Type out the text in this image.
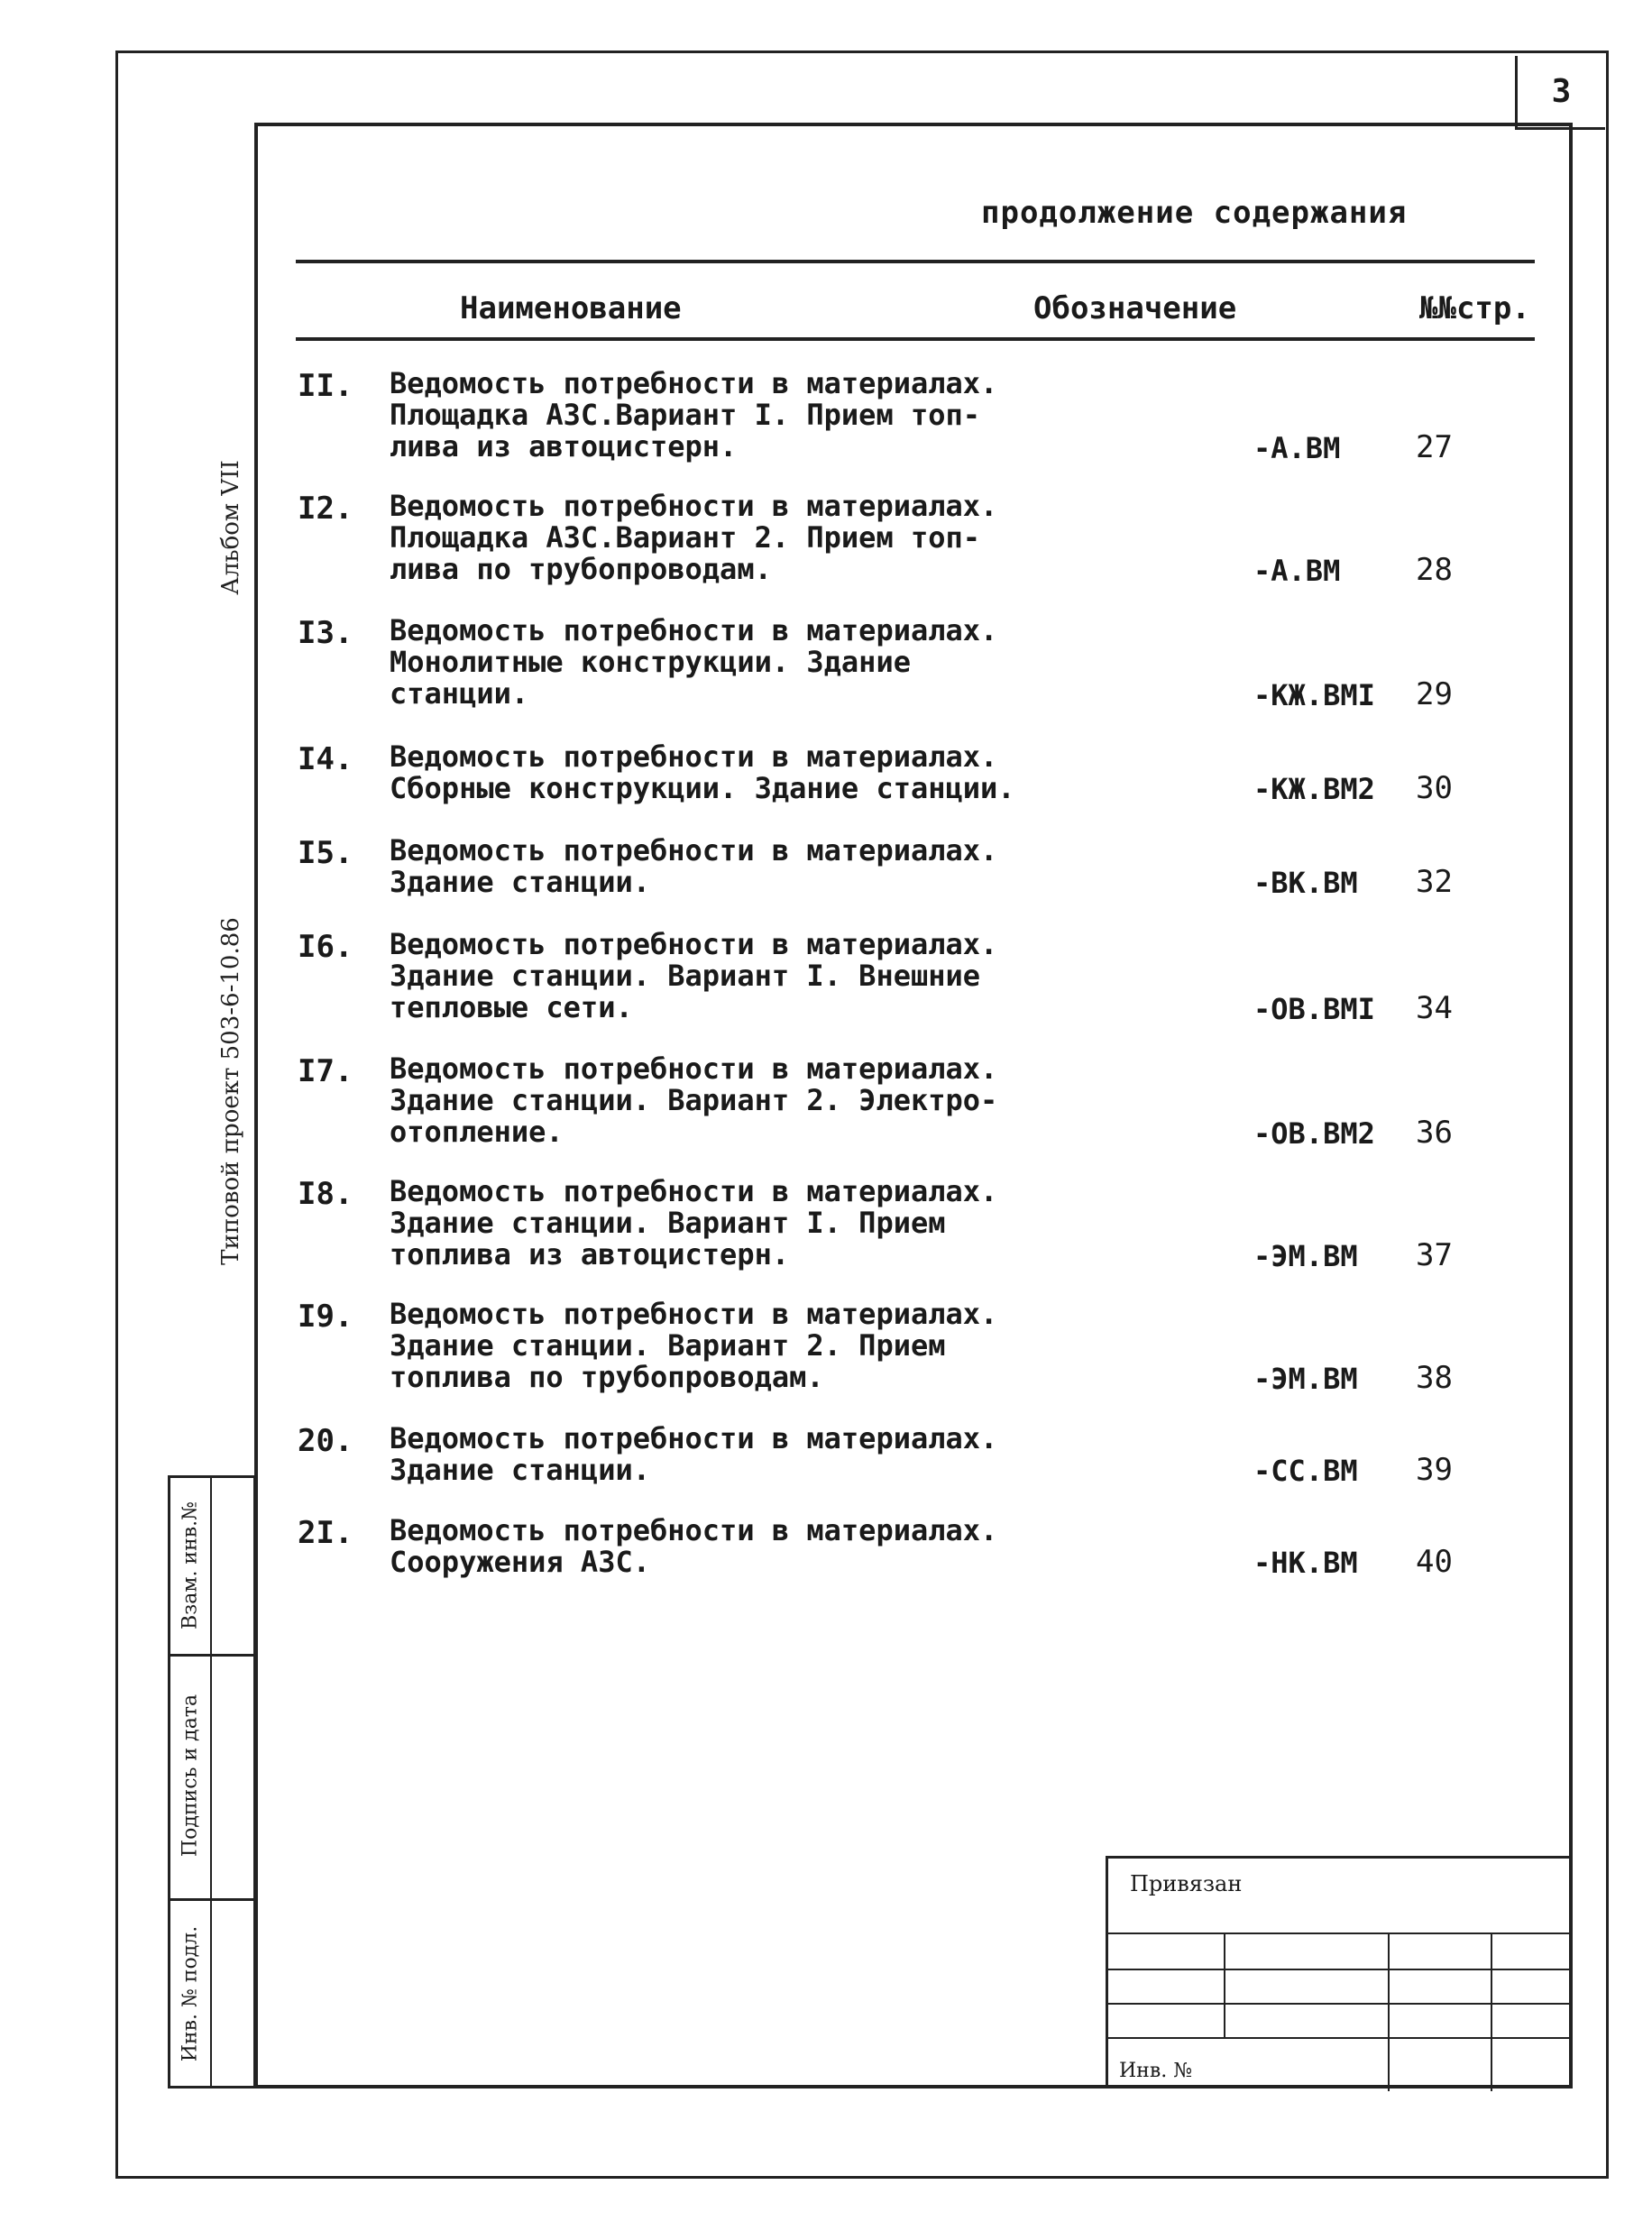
3
Альбом VII
Типовой проект 503-6-10.86
Взам. инв.№
Подпись и дата
Инв. № подл.
продолжение содержания
Наименование	Обозначение	№№стр.
II. Ведомость потребности в материалах.
Площадка АЗС.Вариант I. Прием топ-
лива из автоцистерн.	-А.ВМ 27
I2. Ведомость потребности в материалах.
Площадка АЗС.Вариант 2. Прием топ-
лива по трубопроводам.	-А.ВМ 28
I3. Ведомость потребности в материалах.
Монолитные конструкции. Здание
станции.	-КЖ.ВМI 29
I4. Ведомость потребности в материалах.
Сборные конструкции. Здание станции.	-КЖ.ВМ2 30
I5. Ведомость потребности в материалах.
Здание станции.	-ВК.ВМ 32
I6. Ведомость потребности в материалах.
Здание станции. Вариант I. Внешние
тепловые сети.	-ОВ.ВМI 34
I7. Ведомость потребности в материалах.
Здание станции. Вариант 2. Электро-
отопление.	-ОВ.ВМ2 36
I8. Ведомость потребности в материалах.
Здание станции. Вариант I. Прием
топлива из автоцистерн.	-ЭМ.ВМ 37
I9. Ведомость потребности в материалах.
Здание станции. Вариант 2. Прием
топлива по трубопроводам.	-ЭМ.ВМ 38
20. Ведомость потребности в материалах.
Здание станции.	-СС.ВМ 39
2I. Ведомость потребности в материалах.
Сооружения АЗС.	-НК.ВМ 40
Привязан
Инв. №
